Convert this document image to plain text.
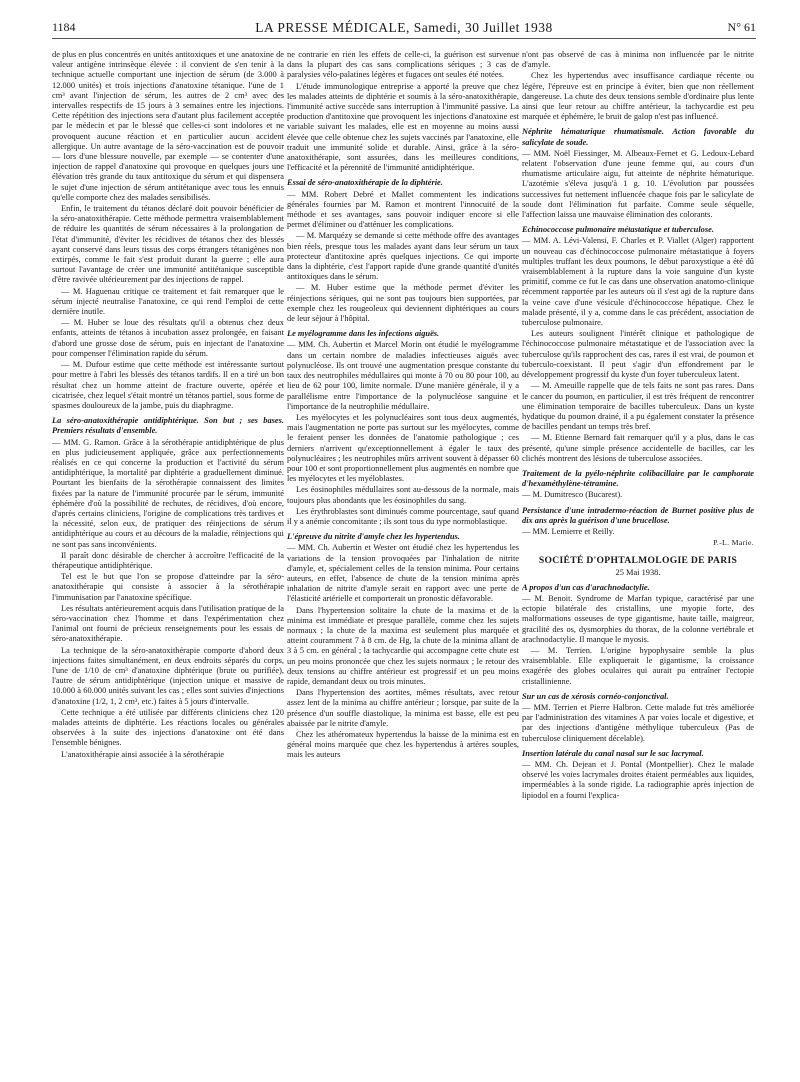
1184	LA PRESSE MÉDICALE, Samedi, 30 Juillet 1938	N° 61

de plus en plus concentrés en unités antitoxiques et une anatoxine de valeur antigène intrinsèque élevée : il convient de s'en tenir à la technique actuelle comportant une injection de sérum (de 3.000 à 12.000 unités) et trois injections d'anatoxine tétanique. l'une de 1 cm³ avant l'injection de sérum, les autres de 2 cm³ avec des intervalles respectifs de 15 jours à 3 semaines entre les injections. Cette répétition des injections sera d'autant plus facilement acceptée par le médecin et par le blessé que celles-ci sont indolores et ne provoquent aucune réaction et en particulier aucun accident allergique. Un autre avantage de la séro-vaccination est de pouvoir — lors d'une blessure nouvelle, par exemple — se contenter d'une injection de rappel d'anatoxine qui provoque en quelques jours une élévation très grande du taux antitoxique du sérum et qui dispensera le sujet d'une injection de sérum antitétanique avec tous les ennuis qu'elle comporte chez des malades sensibilisés.

Enfin, le traitement du tétanos déclaré doit pouvoir bénéficier de la séro-anatoxithérapie. Cette méthode permettra vraisemblablement de réduire les quantités de sérum nécessaires à la prolongation de l'état d'immunité, d'éviter les récidives de tétanos chez des blessés ayant conservé dans leurs tissus des corps étrangers tétanigènes non extirpés, comme le fait s'est produit durant la guerre ; elle aura surtout l'avantage de créer une immunité antitétanique susceptible d'être ravivée ultérieurement par des injections de rappel.

— M. Haguenau critique ce traitement et fait remarquer que le sérum injecté neutralise l'anatoxine, ce qui rend l'emploi de cette dernière inutile.

— M. Huber se loue des résultats qu'il a obtenus chez deux enfants, atteints de tétanos à incubation assez prolongée, en faisant d'abord une grosse dose de sérum, puis en injectant de l'anatoxine pour compenser l'élimination rapide du sérum.

— M. Dufour estime que cette méthode est intéressante surtout pour mettre à l'abri les blessés des tétanos tardifs. Il en a tiré un bon résultat chez un homme atteint de fracture ouverte, opérée et cicatrisée, chez lequel s'était montré un tétanos partiel, sous forme de spasmes douloureux de la jambe, puis du diaphragme.

La séro-anatoxithérapie antidiphtérique. Son but ; ses bases. Premiers résultats d'ensemble.

— MM. G. Ramon. Grâce à la sérothérapie antidiphtérique de plus en plus judicieusement appliquée, grâce aux perfectionnements réalisés en ce qui concerne la production et l'activité du sérum antidiphtérique, la mortalité par diphtérie a graduellement diminué. Pourtant les bienfaits de la sérothérapie connaissent des limites fixées par la nature de l'immunité procurée par le sérum, immunité éphémère d'où la possibilité de rechutes, de récidives, d'où encore, d'après certains cliniciens, l'origine de complications très tardives et la nécessité, selon eux, de pratiquer des réinjections de sérum antidiphtérique au cours et au décours de la maladie, réinjections qui ne sont pas sans inconvénients.

Il paraît donc désirable de chercher à accroître l'efficacité de la thérapeutique antidiphtérique.

Tel est le but que l'on se propose d'atteindre par la séro-anatoxithérapie qui consiste à associer à la sérothérapie l'immunisation par l'anatoxine spécifique.

Les résultats antérieurement acquis dans l'utilisation pratique de la séro-vaccination chez l'homme et dans l'expérimentation chez l'animal ont fourni de précieux renseignements pour les essais de séro-anatoxithérapie.

La technique de la séro-anatoxithérapie comporte d'abord deux injections faites simultanément, en deux endroits séparés du corps, l'une de 1/10 de cm³ d'anatoxine diphtérique (brute ou purifiée), l'autre de sérum antidiphtérique (injection unique et massive de 10.000 à 60.000 unités suivant les cas ; elles sont suivies d'injections d'anatoxine (1/2, 1, 2 cm³, etc.) faites à 5 jours d'intervalle.

Cette technique a été utilisée par différents cliniciens chez 120 malades atteints de diphtérie. Les réactions locales ou générales observées à la suite des injections d'anatoxine ont été dans l'ensemble bénignes.

L'anatoxithérapie ainsi associée à la sérothérapie

ne contrarie en rien les effets de celle-ci, la guérison est survenue dans la plupart des cas sans complications sériques ; 3 cas de paralysies vélo-palatines légères et fugaces ont seules été notées.

L'étude immunologique entreprise a apporté la preuve que chez les malades atteints de diphtérie et soumis à la séro-anatoxithérapie, l'immunité active succède sans interruption à l'immunité passive. La production d'antitoxine que provoquent les injections d'anatoxine est variable suivant les malades, elle est en moyenne au moins aussi élevée que celle obtenue chez les sujets vaccinés par l'anatoxine, elle traduit une immunité solide et durable. Ainsi, grâce à la séro-anatoxithérapie, sont assurées, dans les meilleures conditions, l'efficacité et la pérennité de l'immunité antidiphtérique.

Essai de séro-anatoxithérapie de la diphtérie.

— MM. Robert Debré et Mallet commentent les indications générales fournies par M. Ramon et montrent l'innocuité de la méthode et ses avantages, sans pouvoir indiquer encore si elle permet d'éliminer ou d'atténuer les complications.

— M. Marquézy se demande si cette méthode offre des avantages bien réels, presque tous les malades ayant dans leur sérum un taux protecteur d'antitoxine après quelques injections. Ce qui importe dans la diphtérie, c'est l'apport rapide d'une grande quantité d'unités antitoxiques dans le sérum.

— M. Huber estime que la méthode permet d'éviter les réinjections sériques, qui ne sont pas toujours bien supportées, par exemple chez les rougeoleux qui deviennent diphtériques au cours de leur séjour à l'hôpital.

Le myélogramme dans les infections aiguës.

— MM. Ch. Aubertin et Marcel Morin ont étudié le myélogramme dans un certain nombre de maladies infectieuses aiguës avec polynucléose. Ils ont trouvé une augmentation presque constante du taux des neutrophiles médullaires qui monte à 70 ou 80 pour 100, au lieu de 62 pour 100, limite normale. D'une manière générale, il y a parallélisme entre l'importance de la polynucléose sanguine et l'importance de la neutrophilie médullaire.

Les myélocytes et les polynucléaires sont tous deux augmentés, mais l'augmentation ne porte pas surtout sur les myélocytes, comme le feraient penser les données de l'anatomie pathologique ; ces derniers n'arrivent qu'exceptionnellement à égaler le taux des polynucléaires ; les neutrophiles mûrs arrivent souvent à dépasser 60 pour 100 et sont proportionnellement plus augmentés en nombre que les myélocytes et les myéloblastes.

Les éosinophiles médullaires sont au-dessous de la normale, mais toujours plus abondants que les éosinophiles du sang.

Les érythroblastes sont diminués comme pourcentage, sauf quand il y a anémie concomitante ; ils sont tous du type normoblastique.

L'épreuve du nitrite d'amyle chez les hypertendus.

— MM. Ch. Aubertin et Wester ont étudié chez les hypertendus les variations de la tension provoquées par l'inhalation de nitrite d'amyle, et, spécialement celles de la tension minima. Pour certains auteurs, en effet, l'absence de chute de la tension minima après inhalation de nitrite d'amyle serait en rapport avec une perte de l'élasticité artérielle et comporterait un pronostic défavorable.

Dans l'hypertension solitaire la chute de la maxima et de la minima est immédiate et presque parallèle, comme chez les sujets normaux ; la chute de la maxima est seulement plus marquée et atteint couramment 7 à 8 cm. de Hg, la chute de la minima allant de 3 à 5 cm. en général ; la tachycardie qui accompagne cette chute est un peu moins prononcée que chez les sujets normaux ; le retour des deux tensions au chiffre antérieur est progressif et un peu moins rapide, demandant deux ou trois minutes.

Dans l'hypertension des aortites, mêmes résultats, avec retour assez lent de la minima au chiffre antérieur ; lorsque, par suite de la présence d'un souffle diastolique, la minima est basse, elle est peu abaissée par le nitrite d'amyle.

Chez les athéromateux hypertendus la baisse de la minima est en général moins marquée que chez les hypertendus à artères souples, mais les auteurs

n'ont pas observé de cas à minima non influencée par le nitrite d'amyle.

Chez les hypertendus avec insuffisance cardiaque récente ou légère, l'épreuve est en principe à éviter, bien que non réellement dangereuse. La chute des deux tensions semble d'ordinaire plus lente ainsi que leur retour au chiffre antérieur, la tachycardie est peu marquée et éphémère, le bruit de galop n'est pas influencé.

Néphrite hématurique rhumatismale. Action favorable du salicylate de soude.

— MM. Noël Fiessinger, M. Albeaux-Fernet et G. Ledoux-Lebard relatent l'observation d'une jeune femme qui, au cours d'un rhumatisme articulaire aigu, fut atteinte de néphrite hématurique. L'azotémie s'éleva jusqu'à 1 g. 10. L'évolution par poussées successives fut nettement influencée chaque fois par le salicylate de soude dont l'élimination fut parfaite. Comme seule séquelle, l'affection laissa une mauvaise élimination des colorants.

Echinococcose pulmonaire métastatique et tuberculose.

— MM. A. Lévi-Valensi, F. Charles et P. Viallet (Alger) rapportent un nouveau cas d'échinococcose pulmonaire métastatique à foyers multiples truffant les deux poumons, le début paroxystique a été dû vraisemblablement à la rupture dans la voie sanguine d'un kyste primitif, comme ce fut le cas dans une observation anatomo-clinique récemment rapportée par les auteurs où il s'est agi de la rupture dans la veine cave d'une vésicule d'échinococcose hépatique. Chez le malade présenté, il y a, comme dans le cas précédent, association de tuberculose pulmonaire.

Les auteurs soulignent l'intérêt clinique et pathologique de l'échinococcose pulmonaire métastatique et de l'association avec la tuberculose qu'ils rapprochent des cas, rares il est vrai, de poumon et tuberculo-coexistant. Il peut s'agir d'un effondrement par le développement progressif du kyste d'un foyer tuberculeux latent.

— M. Ameuille rappelle que de tels faits ne sont pas rares. Dans le cancer du poumon, en particulier, il est très fréquent de rencontrer une élimination temporaire de bacilles tuberculeux. Dans un kyste hydatique du poumon drainé, il a pu également constater la présence de bacilles pendant un temps très bref.

— M. Etienne Bernard fait remarquer qu'il y a plus, dans le cas présenté, qu'une simple présence accidentelle de bacilles, car les clichés montrent des lésions de tuberculose associées.

Traitement de la pyélo-néphrite colibacillaire par le camphorate d'hexaméthylène-tétramine.

— M. Dumitresco (Bucarest).

Persistance d'une intradermo-réaction de Burnet positive plus de dix ans après la guérison d'une brucellose.

— MM. Lemierre et Reilly.

P.-L. Marie.

SOCIÉTÉ D'OPHTALMOLOGIE DE PARIS

25 Mai 1938.

A propos d'un cas d'arachnodactylie.

— M. Benoit. Syndrome de Marfan typique, caractérisé par une ectopie bilatérale des cristallins, une myopie forte, des malformations osseuses de type gigantisme, haute taille, maigreur, gracilité des os, dysmorphies du thorax, de la colonne vertébrale et arachnodactylie. Il manque le myosis.

— M. Terrien. L'origine hypophysaire semble la plus vraisemblable. Elle expliquerait le gigantisme, la croissance exagérée des globes oculaires qui aurait pu entraîner l'ectopie cristallinienne.

Sur un cas de xérosis cornéo-conjonctival.

— MM. Terrien et Pierre Halbron. Cette malade fut très améliorée par l'administration des vitamines A par voies locale et digestive, et par des injections d'antigène méthylique tuberculeux (Pas de tuberculose cliniquement décelable).

Insertion latérale du canal nasal sur le sac lacrymal.

— MM. Ch. Dejean et J. Pontal (Montpellier). Chez le malade observé les voies lacrymales droites étaient perméables aux liquides, imperméables à la sonde rigide. La radiographie après injection de lipiodol en a fourni l'explica-
